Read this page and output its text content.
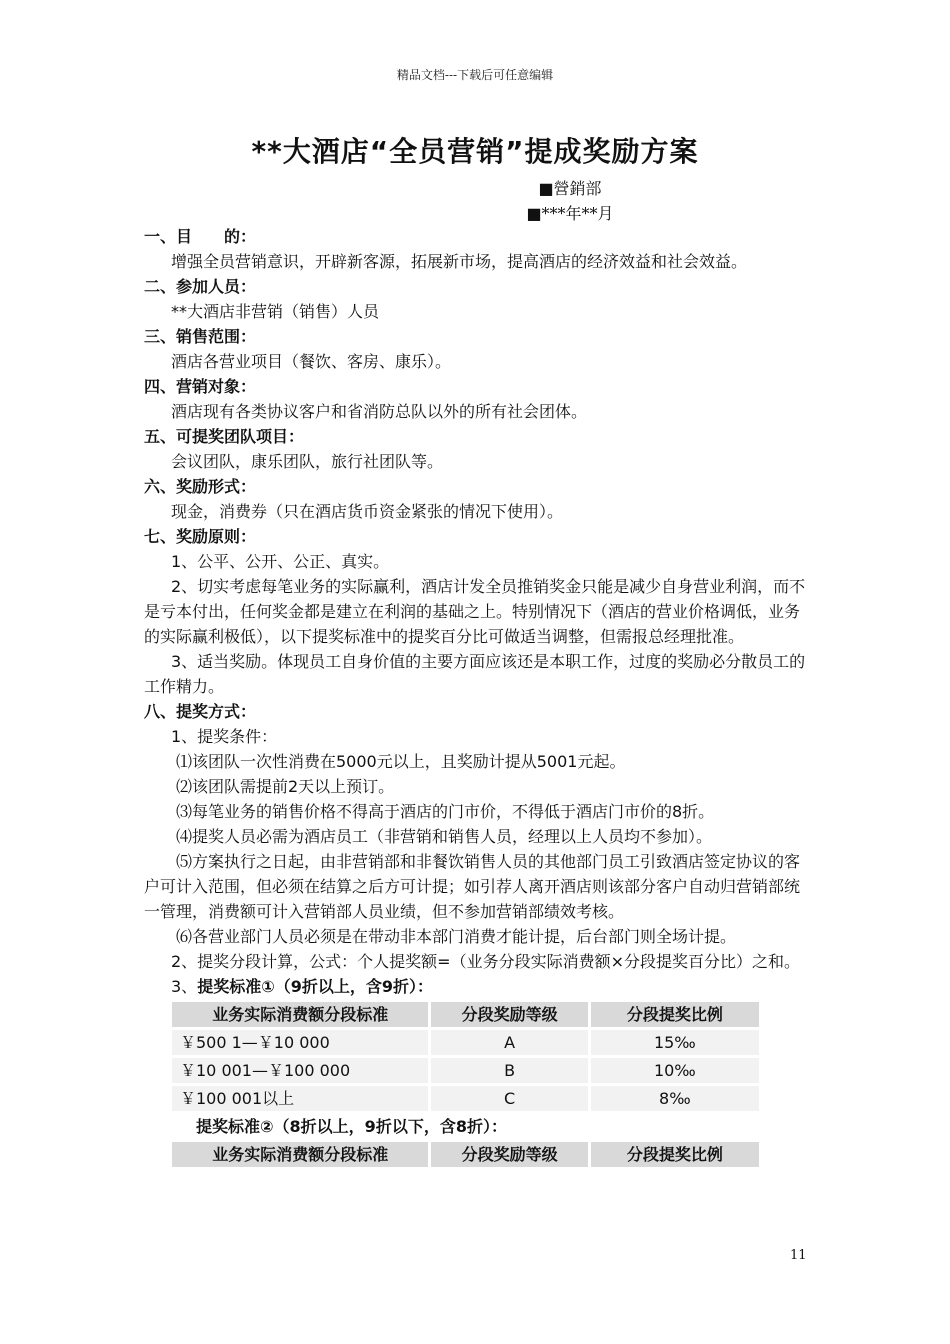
精品文档---下载后可任意编辑
**大酒店“全员营销”提成奖励方案
■營銷部
■***年**月

一、目　　的：

增强全员营销意识，开辟新客源，拓展新市场，提高酒店的经济效益和社会效益。

二、参加人员：

**大酒店非营销（销售）人员

三、销售范围：

酒店各营业项目（餐饮、客房、康乐）。

四、营销对象：

酒店现有各类协议客户和省消防总队以外的所有社会团体。

五、可提奖团队项目：

会议团队，康乐团队，旅行社团队等。

六、奖励形式：

现金，消费券（只在酒店货币资金紧张的情况下使用）。

七、奖励原则：

1、公平、公开、公正、真实。

2、切实考虑每笔业务的实际赢利，酒店计发全员推销奖金只能是减少自身营业利润，而不是亏本付出，任何奖金都是建立在利润的基础之上。特别情况下（酒店的营业价格调低，业务的实际赢利极低），以下提奖标准中的提奖百分比可做适当调整，但需报总经理批准。

3、适当奖励。体现员工自身价值的主要方面应该还是本职工作，过度的奖励必分散员工的工作精力。

八、提奖方式：

1、提奖条件：

⑴该团队一次性消费在5000元以上，且奖励计提从5001元起。

⑵该团队需提前2天以上预订。

⑶每笔业务的销售价格不得高于酒店的门市价，不得低于酒店门市价的8折。

⑷提奖人员必需为酒店员工（非营销和销售人员，经理以上人员均不参加）。

⑸方案执行之日起，由非营销部和非餐饮销售人员的其他部门员工引致酒店签定协议的客户可计入范围，但必须在结算之后方可计提；如引荐人离开酒店则该部分客户自动归营销部统一管理，消费额可计入营销部人员业绩，但不参加营销部绩效考核。

⑹各营业部门人员必须是在带动非本部门消费才能计提，后台部门则全场计提。

2、提奖分段计算，公式：个人提奖额=（业务分段实际消费额×分段提奖百分比）之和。

3、提奖标准①（9折以上，含9折）：

业务实际消费额分段标准	分段奖励等级	分段提奖比例
￥500 1—￥10 000	A	15‰
￥10 001—￥100 000	B	10‰
￥100 001以上	C	8‰

提奖标准②（8折以上，9折以下，含8折）：

业务实际消费额分段标准	分段奖励等级	分段提奖比例
11
